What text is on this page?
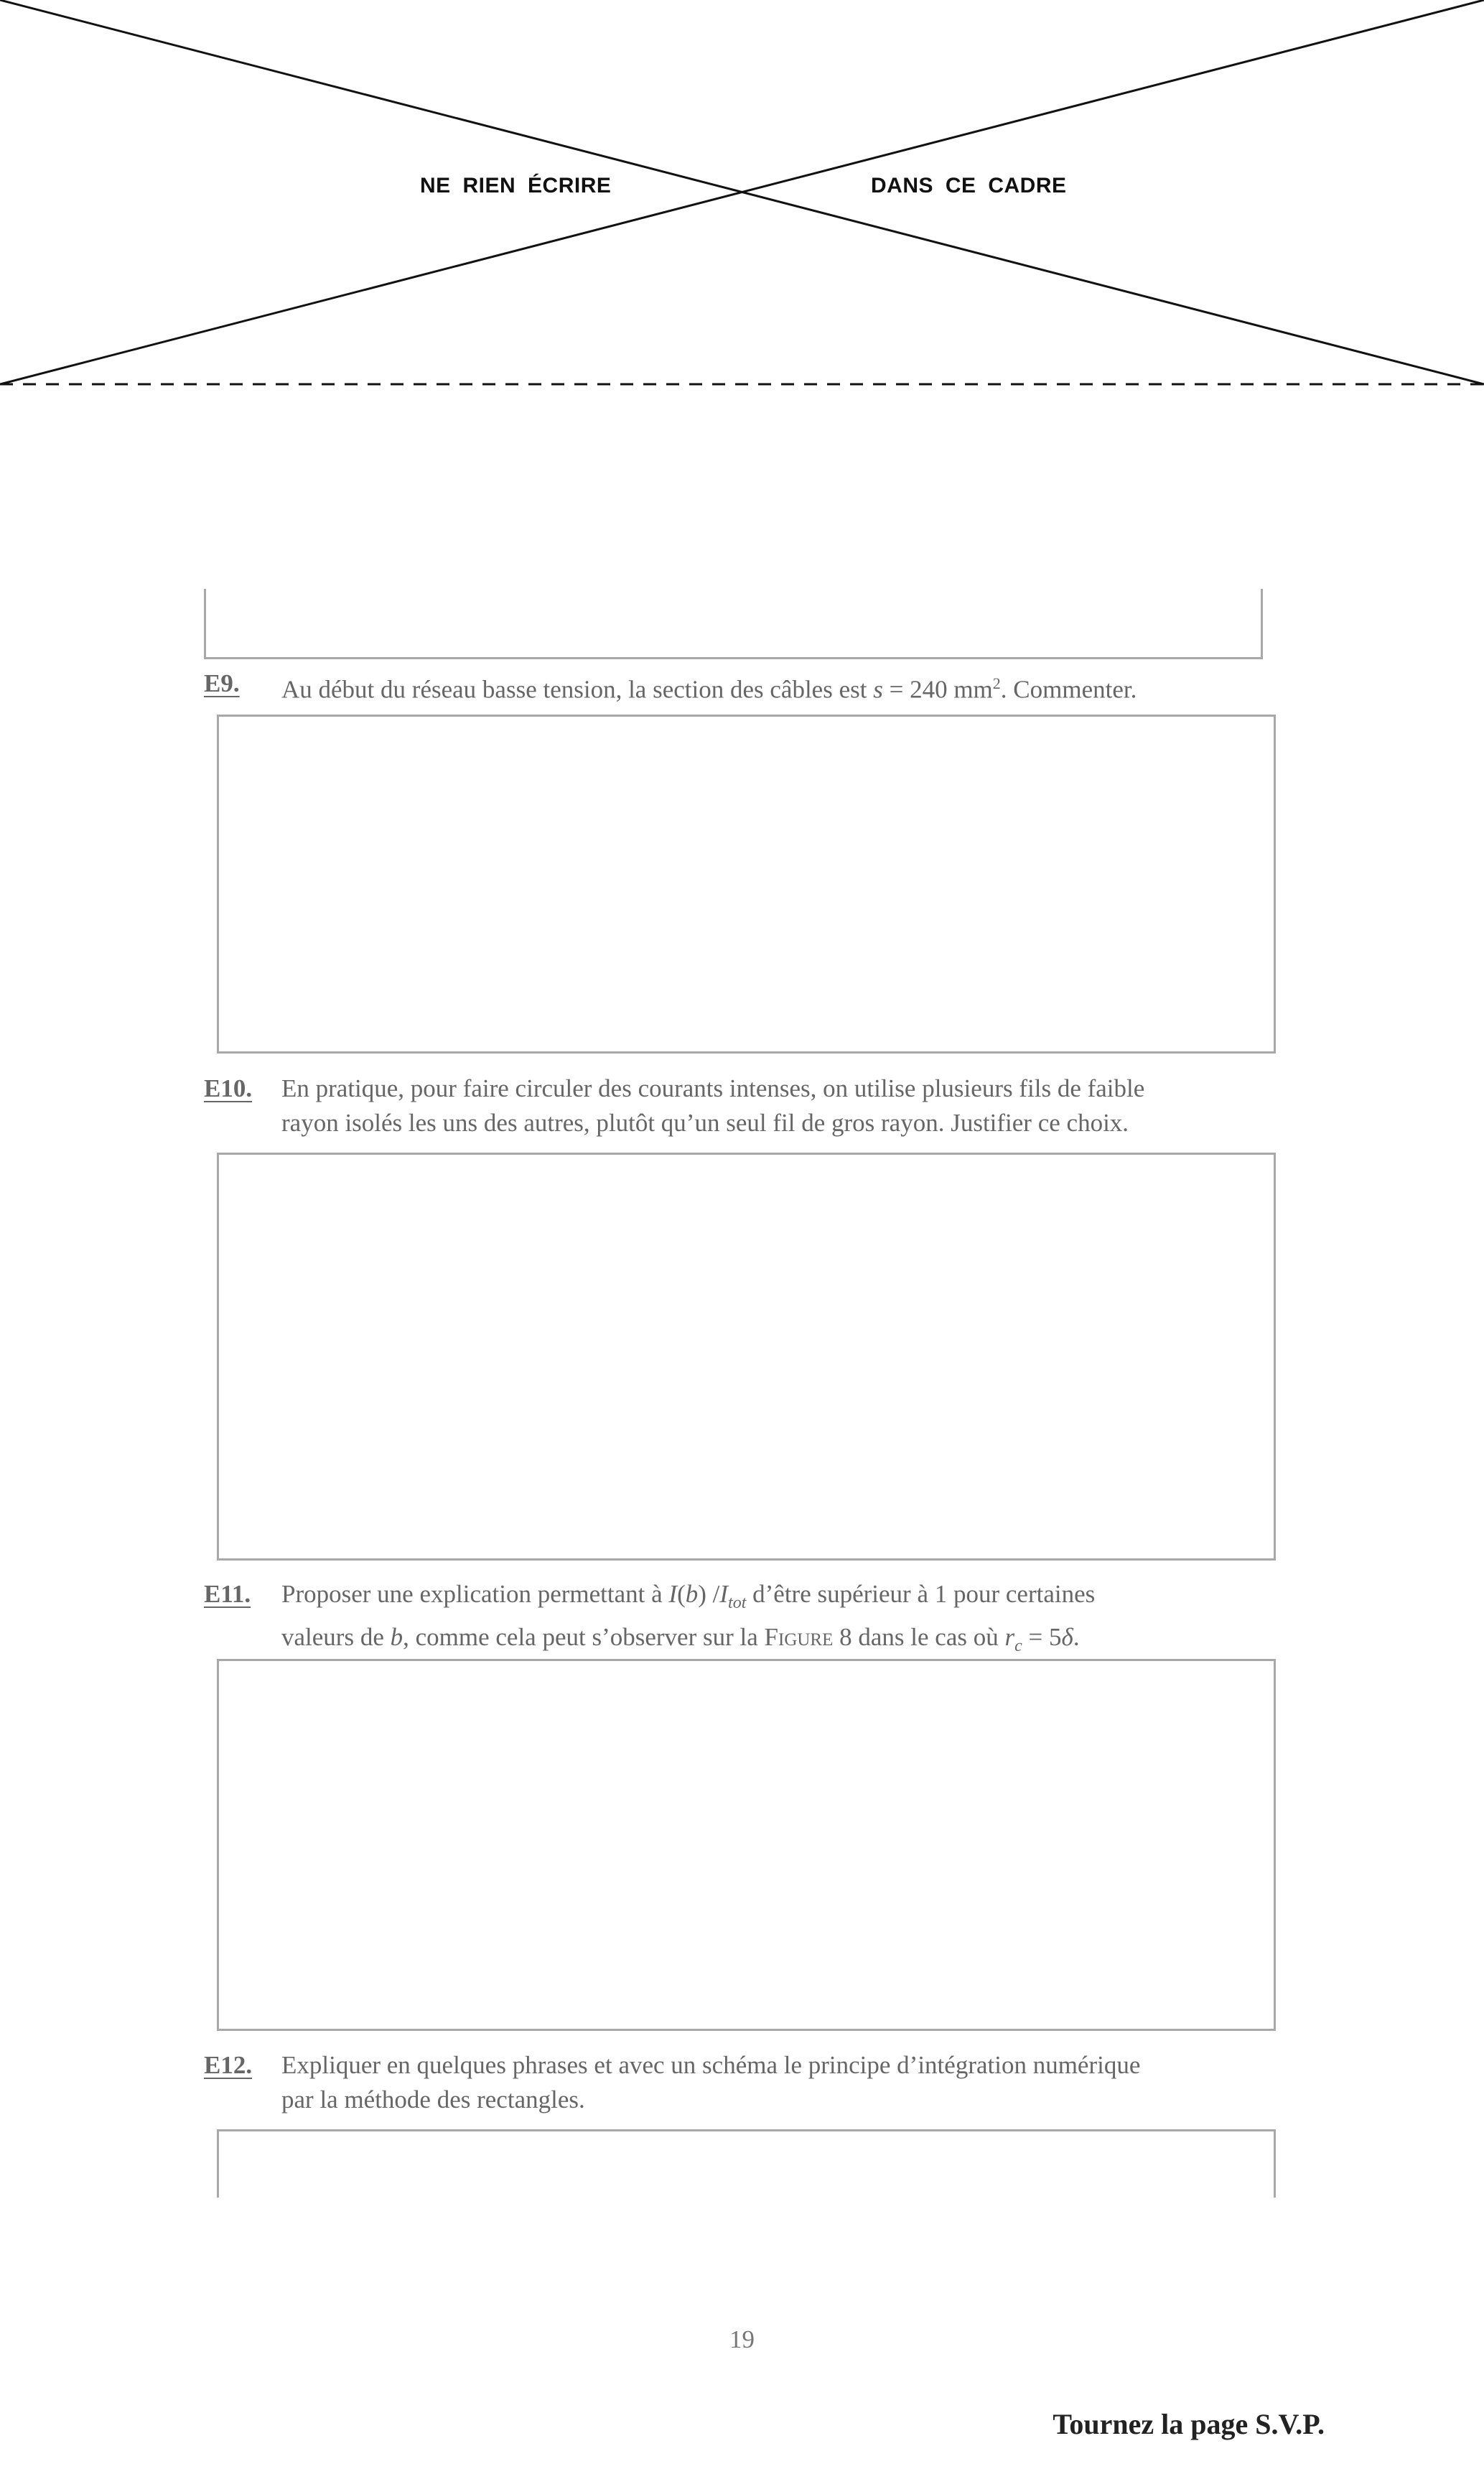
NE RIEN ÉCRIRE	DANS CE CADRE
E9. Au début du réseau basse tension, la section des câbles est s = 240 $mm^2$. Commenter.
E10. En pratique, pour faire circuler des courants intenses, on utilise plusieurs fils de faible
rayon isolés les uns des autres, plutôt qu’un seul fil de gros rayon. Justifier ce choix.
E11. Proposer une explication permettant à I(b) $/I_{tot}$ d’être supérieur à 1 pour certaines
valeurs de b, comme cela peut s’observer sur la Figure 8 dans le cas où $r_c = 5\delta$.
E12. Expliquer en quelques phrases et avec un schéma le principe d’intégration numérique
par la méthode des rectangles.
19
Tournez la page S.V.P.
